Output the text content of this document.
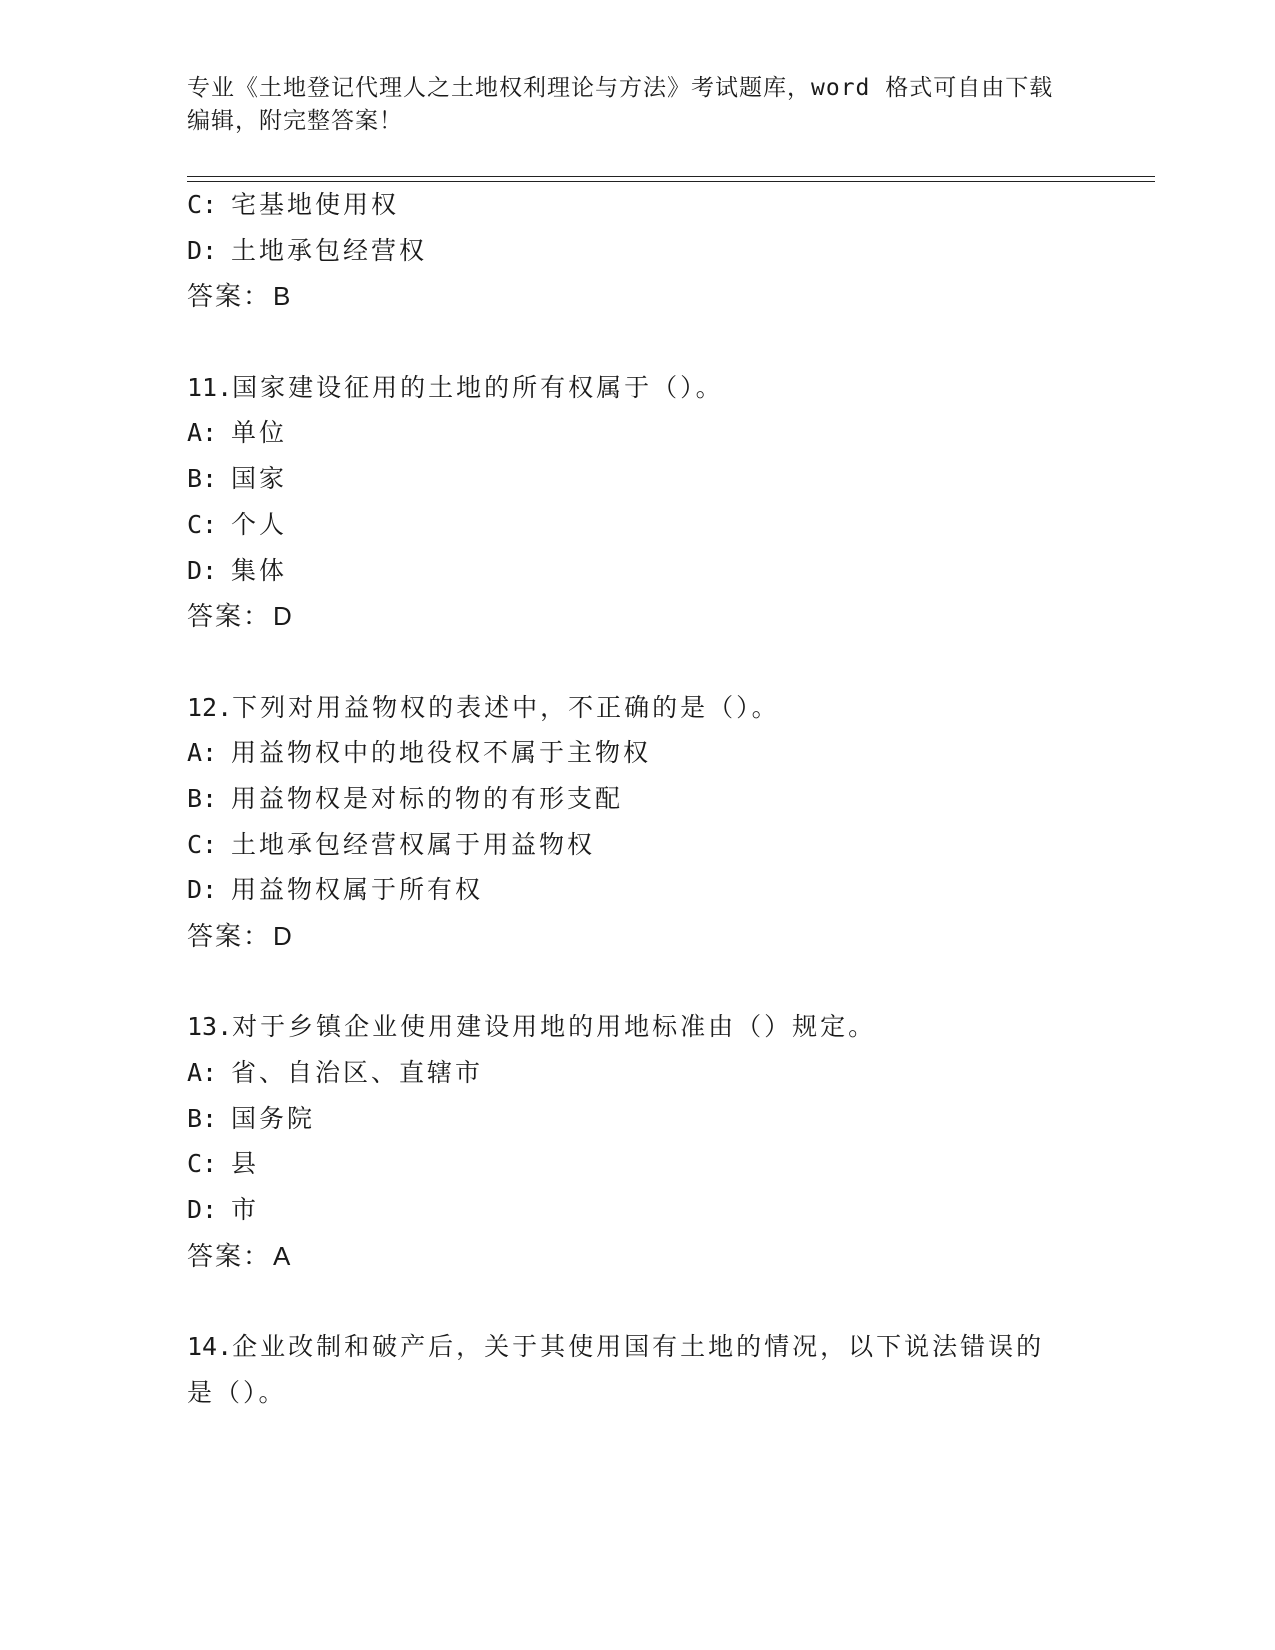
专业《土地登记代理人之土地权利理论与方法》考试题库，word 格式可自由下载
编辑，附完整答案！
C: 宅基地使用权
D: 土地承包经营权
答案：B
11.国家建设征用的土地的所有权属于（）。
A: 单位
B: 国家
C: 个人
D: 集体
答案：D
12.下列对用益物权的表述中，不正确的是（）。
A: 用益物权中的地役权不属于主物权
B: 用益物权是对标的物的有形支配
C: 土地承包经营权属于用益物权
D: 用益物权属于所有权
答案：D
13.对于乡镇企业使用建设用地的用地标准由（）规定。
A: 省、自治区、直辖市
B: 国务院
C: 县
D: 市
答案：A
14.企业改制和破产后，关于其使用国有土地的情况，以下说法错误的
是（）。
